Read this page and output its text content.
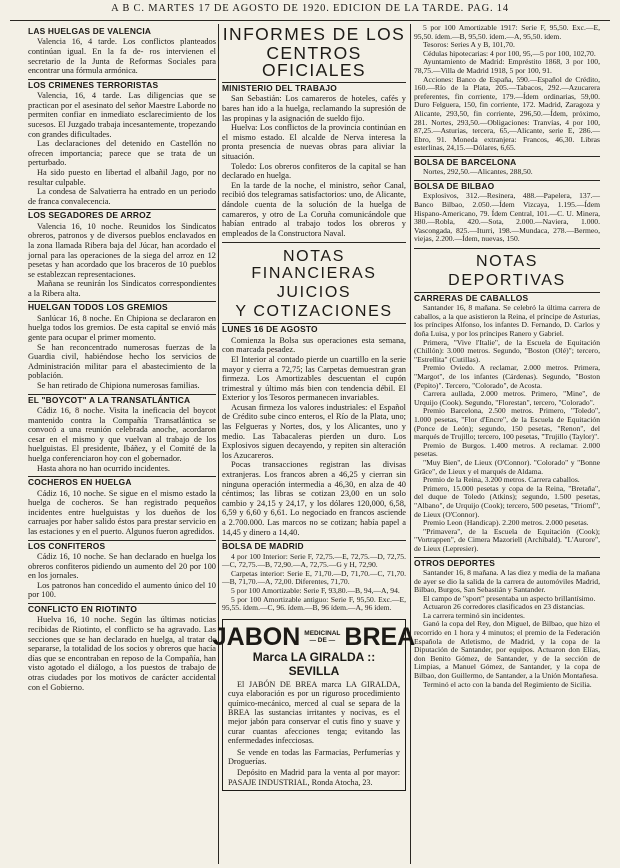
A B C. MARTES 17 DE AGOSTO DE 1920. EDICION DE LA TARDE. PAG. 14
LAS HUELGAS DE VALENCIA

Valencia 16, 4 tarde. Los conflictos planteados continúan igual. En la fa de- ros intervienen el secretario de la Junta de Reformas Sociales para encontrar una fórmula armónica.

LOS CRIMENES TERRORISTAS

Valencia, 16, 4 tarde. Las diligencias que se practican por el asesinato del señor Maestre Laborde no permiten confiar en inmediato esclarecimiento de los sucesos. El Juzgado trabaja incesantemente, tropezando con grandes dificultades.

Las declaraciones del detenido en Castellón no ofrecen importancia; parece que se trata de un perturbado.

Ha sido puesto en libertad el albañil Jago, por no resultar culpable.

La condesa de Salvatierra ha entrado en un periodo de franca convalecencia.

LOS SEGADORES DE ARROZ

Valencia 16, 10 noche. Reunidos los Sindicatos obreros, patronos y de diversos pueblos enclavados en la zona llamada Ribera baja del Júcar, han acordado el jornal para las operaciones de la siega del arroz en 12 pesetas y han acordado que los braceros de 10 pueblos se establezcan representaciones.

Mañana se reunirán los Sindicatos correspondientes a la Ribera alta.

HUELGAN TODOS LOS GREMIOS

Sanlúcar 16, 8 noche. En Chipiona se declararon en huelga todos los gremios. De esta capital se envió más gente para ocupar el primer momento.

Se han reconcentrado numerosas fuerzas de la Guardia civil, habiéndose hecho los servicios de Administración militar para el abastecimiento de la población.

Se han retirado de Chipiona numerosas familias.

EL "BOYCOT" A LA TRANSATLÁNTICA

Cádiz 16, 8 noche. Visita la ineficacia del boycot mantenido contra la Compañía Transatlántica se convocó a una reunión celebrada anoche, acordaron cesar en el mismo y que vuelvan al trabajo de los huelguistas. El presidente, Ibáñez, y el Comité de la huelga conferenciaron hoy con el gobernador.

Hasta ahora no han ocurrido incidentes.

COCHEROS EN HUELGA

Cádiz 16, 10 noche. Se sigue en el mismo estado la huelga de cocheros. Se han registrado pequeños incidentes entre huelguistas y los dueños de los carruajes por haber salido éstos para prestar servicio en las estaciones y en el puerto. Algunos fueron agredidos.

LOS CONFITEROS

Cádiz 16, 10 noche. Se han declarado en huelga los obreros confiteros pidiendo un aumento del 20 por 100 en los jornales.

Los patronos han concedido el aumento único del 10 por 100.

CONFLICTO EN RIOTINTO

Huelva 16, 10 noche. Según las últimas noticias recibidas de Riotinto, el conflicto se ha agravado. Las secciones que se han declarado en huelga, al tratar de separarse, la totalidad de los socios y obreros que hacía días que se encontraban en reposo de la Compañía, han visto agotado el diálogo, a los puestos de trabajo de otras ciudades por los motivos de carácter accidental con el Gobierno.

INFORMES DE LOS
CENTROS OFICIALES
MINISTERIO DEL TRABAJO

San Sebastián: Los camareros de hoteles, cafés y bares han ido a la huelga, reclamando la supresión de las propinas y la asignación de sueldo fijo.

Huelva: Los conflictos de la provincia continúan en el mismo estado. El alcalde de Nerva interesa la pronta presencia de nuevas obras para aliviar la situación.

Toledo: Los obreros confiteros de la capital se han declarado en huelga.

En la tarde de la noche, el ministro, señor Canal, recibió dos telegramas satisfactorios: uno, de Alicante, dándole cuenta de la solución de la huelga de camareros, y otro de La Coruña comunicándole que habían entrado al trabajo todos los obreros y empleados de la Constructora Naval.

NOTAS FINANCIERAS
JUICIOS
Y COTIZACIONES
LUNES 16 DE AGOSTO

Comienza la Bolsa sus operaciones esta semana, con marcada pesadez.

El Interior al contado pierde un cuartillo en la serie mayor y cierra a 72,75; las Carpetas demuestran gran firmeza. Los Amortizables descuentan el cupón trimestral y último más bien con tendencia débil. El Exterior y los Tesoros permanecen invariables.

Acusan firmeza los valores industriales: el Español de Crédito sube cinco enteros, el Río de la Plata, uno; las Felgueras y Nortes, dos, y los Alicantes, uno y medio. Las Tabacaleras pierden un duro. Los Explosivos siguen decayendo, y repiten sin alteración los Azucareros.

Pocas transacciones registran las divisas extranjeras. Los francos abren a 46,25 y cierran sin ninguna operación intermedia a 46,30, en alza de 40 céntimos; las libras se cotizan 23,00 en un solo cambio y 24,15 y 24,17, y los dólares 120,000, 6,58, 6,59 y 6,60 y 6,61. Lo negociado en francos asciende a 2.700.000. Las marcos no se cotizan; había papel a 14,45 y dinero a 14,40.

BOLSA DE MADRID

4 por 100 Interior: Serie F, 72,75.—E, 72,75.—D, 72,75.—C, 72,75.—B, 72,90.—A, 72,75.—G y H, 72,90.

Carpetas interior: Serie E, 71,70.—D, 71,70.—C, 71,70.—B, 71,70.—A, 72,00. Diferentes, 71,70.

5 por 100 Amortizable: Serie F, 93,80.—B, 94,—A, 94.

5 por 100 Amortizable antiguo: Serie F, 95,50. Exc.—E, 95,55. ídem.—C, 96. ídem.—B, 96 ídem.—A, 96 ídem.

JABON MEDICINAL
— DE — BREA
Marca LA GIRALDA :: SEVILLA
El JABÓN DE BREA marca LA GIRALDA, cuya elaboración es por un riguroso procedimiento químico-mecánico, merced al cual se separa de la BREA las sustancias irritantes y nocivas, es el mejor jabón para conservar el cutis fino y suave y curar cuantas afecciones tenga; evitando las enfermedades infecciosas.
Se vende en todas las Farmacias, Perfumerías y Droguerías.
Depósito en Madrid para la venta al por mayor: PASAJE INDUSTRIAL, Ronda Atocha, 23.

5 por 100 Amortizable 1917: Serie F, 95,50. Exc.—E, 95,50. ídem.—B, 95,50. ídem.—A, 95,50. ídem.

Tesoros: Series A y B, 101,70.

Cédulas hipotecarias: 4 por 100, 95,—5 por 100, 102,70.

Ayuntamiento de Madrid: Empréstito 1868, 3 por 100, 78,75.—Villa de Madrid 1918, 5 por 100, 91.

Acciones: Banco de España, 590.—Español de Crédito, 160.—Río de la Plata, 205.—Tabacos, 292.—Azucarera preferentes, fin corriente, 179.—Ídem ordinarias, 59,00. Duro Felguera, 150, fin corriente, 172. Madrid, Zaragoza y Alicante, 293,50, fin corriente, 296,50.—Ídem, próximo, 281. Nortes, 293,50.—Obligaciones: Tranvías, 4 por 100, 87,25.—Asturias, tercera, 65,—Alicante, serie E, 286.—Ebro, 91. Moneda extranjera: Francos, 46,30. Libras esterlinas, 24,15.—Dólares, 6,65.

BOLSA DE BARCELONA

Nortes, 292,50.—Alicantes, 288,50.

BOLSA DE BILBAO

Explosivos, 312.—Resinera, 488.—Papelera, 137.—Banco Bilbao, 2.050.—Ídem Vizcaya, 1.195.—Ídem Hispano-Americano, 79. Ídem Central, 101.—C. U. Minera, 380.—Robla, 420.—Sota, 2.000.—Naviera, 1.000. Vascongada, 825.—Iturri, 198.—Mundaca, 278.—Bermeo, viejas, 2.200.—Ídem, nuevas, 150.

NOTAS
DEPORTIVAS
CARRERAS DE CABALLOS

Santander 16, 8 mañana. Se celebró la última carrera de caballos, a la que asistieron la Reina, el príncipe de Asturias, los príncipes Alfonso, los infantes D. Fernando, D. Carlos y doña Luisa, y por los príncipes Ranero y Gabriel.

Primera, "Vive l'Italie", de la Escuela de Equitación (Chillón): 3.000 metros. Segundo, "Boston (Olé)"; tercero, "Estrellita" (Cutillas).

Premio Oviedo. A reclamar, 2.000 metros. Primera, "Margot", de los infantes (Cárdenas). Segundo, "Boston (Pepito)". Tercero, "Colorado", de Acosta.

Carrera aullada, 2.000 metros. Primero, "Mine", de Urquijo (Cook). Segundo, "Florestan", tercero, "Colorado".

Premio Barcelona, 2.500 metros. Primero, "Toledo", 1.000 pesetas, "Flor d'Encre", de la Escuela de Equitación (Ponce de León); segundo, 150 pesetas, "Renon", del marqués de Trujillo; tercero, 100 pesetas, "Trujillo (Taylor)".

Premio de Burgos. 1.400 metros. A reclamar. 2.000 pesetas.

"Muy Bien", de Lieux (O'Connor). "Colorado" y "Bonne Grâce", de Lieux y el marqués de Aldama.

Premio de la Reina, 3.200 metros. Carrera caballos.

Primero, 15.000 pesetas y copa de la Reina, "Bretaña", del duque de Toledo (Atkins); segundo, 1.500 pesetas, "Albano", de Urquijo (Cook); tercero, 500 pesetas, "Triomf", de Lieux (O'Connor).

Premio Leon (Handicap). 2.200 metros. 2.000 pesetas.

"Primavera", de la Escuela de Equitación (Cook); "Vortrappen", de Cimera Mazoriell (Archibald). "L'Aurore", de Lieux (Lepresier).

OTROS DEPORTES

Santander 16, 8 mañana. A las diez y media de la mañana de ayer se dio la salida de la carrera de automóviles Madrid, Bilbao, Burgos, San Sebastián y Santander.

El campo de "sport" presentaba un aspecto brillantísimo.

Actuaron 26 corredores clasificados en 23 distancias.

La carrera terminó sin incidentes.

Ganó la copa del Rey, don Miguel, de Bilbao, que hizo el recorrido en 1 hora y 4 minutos; el premio de la Federación Española de Atletismo, de Madrid, y la copa de la Diputación de Santander, por equipos. Actuaron don Elías, don Benito Gómez, de Santander, y de la sección de Limpias, a Manuel Gómez, de Santander, y la copa de Bilbao, don Guillermo, de Santander, a la Unión Montañesa.

Terminó el acto con la banda del Regimiento de Sicilia.
